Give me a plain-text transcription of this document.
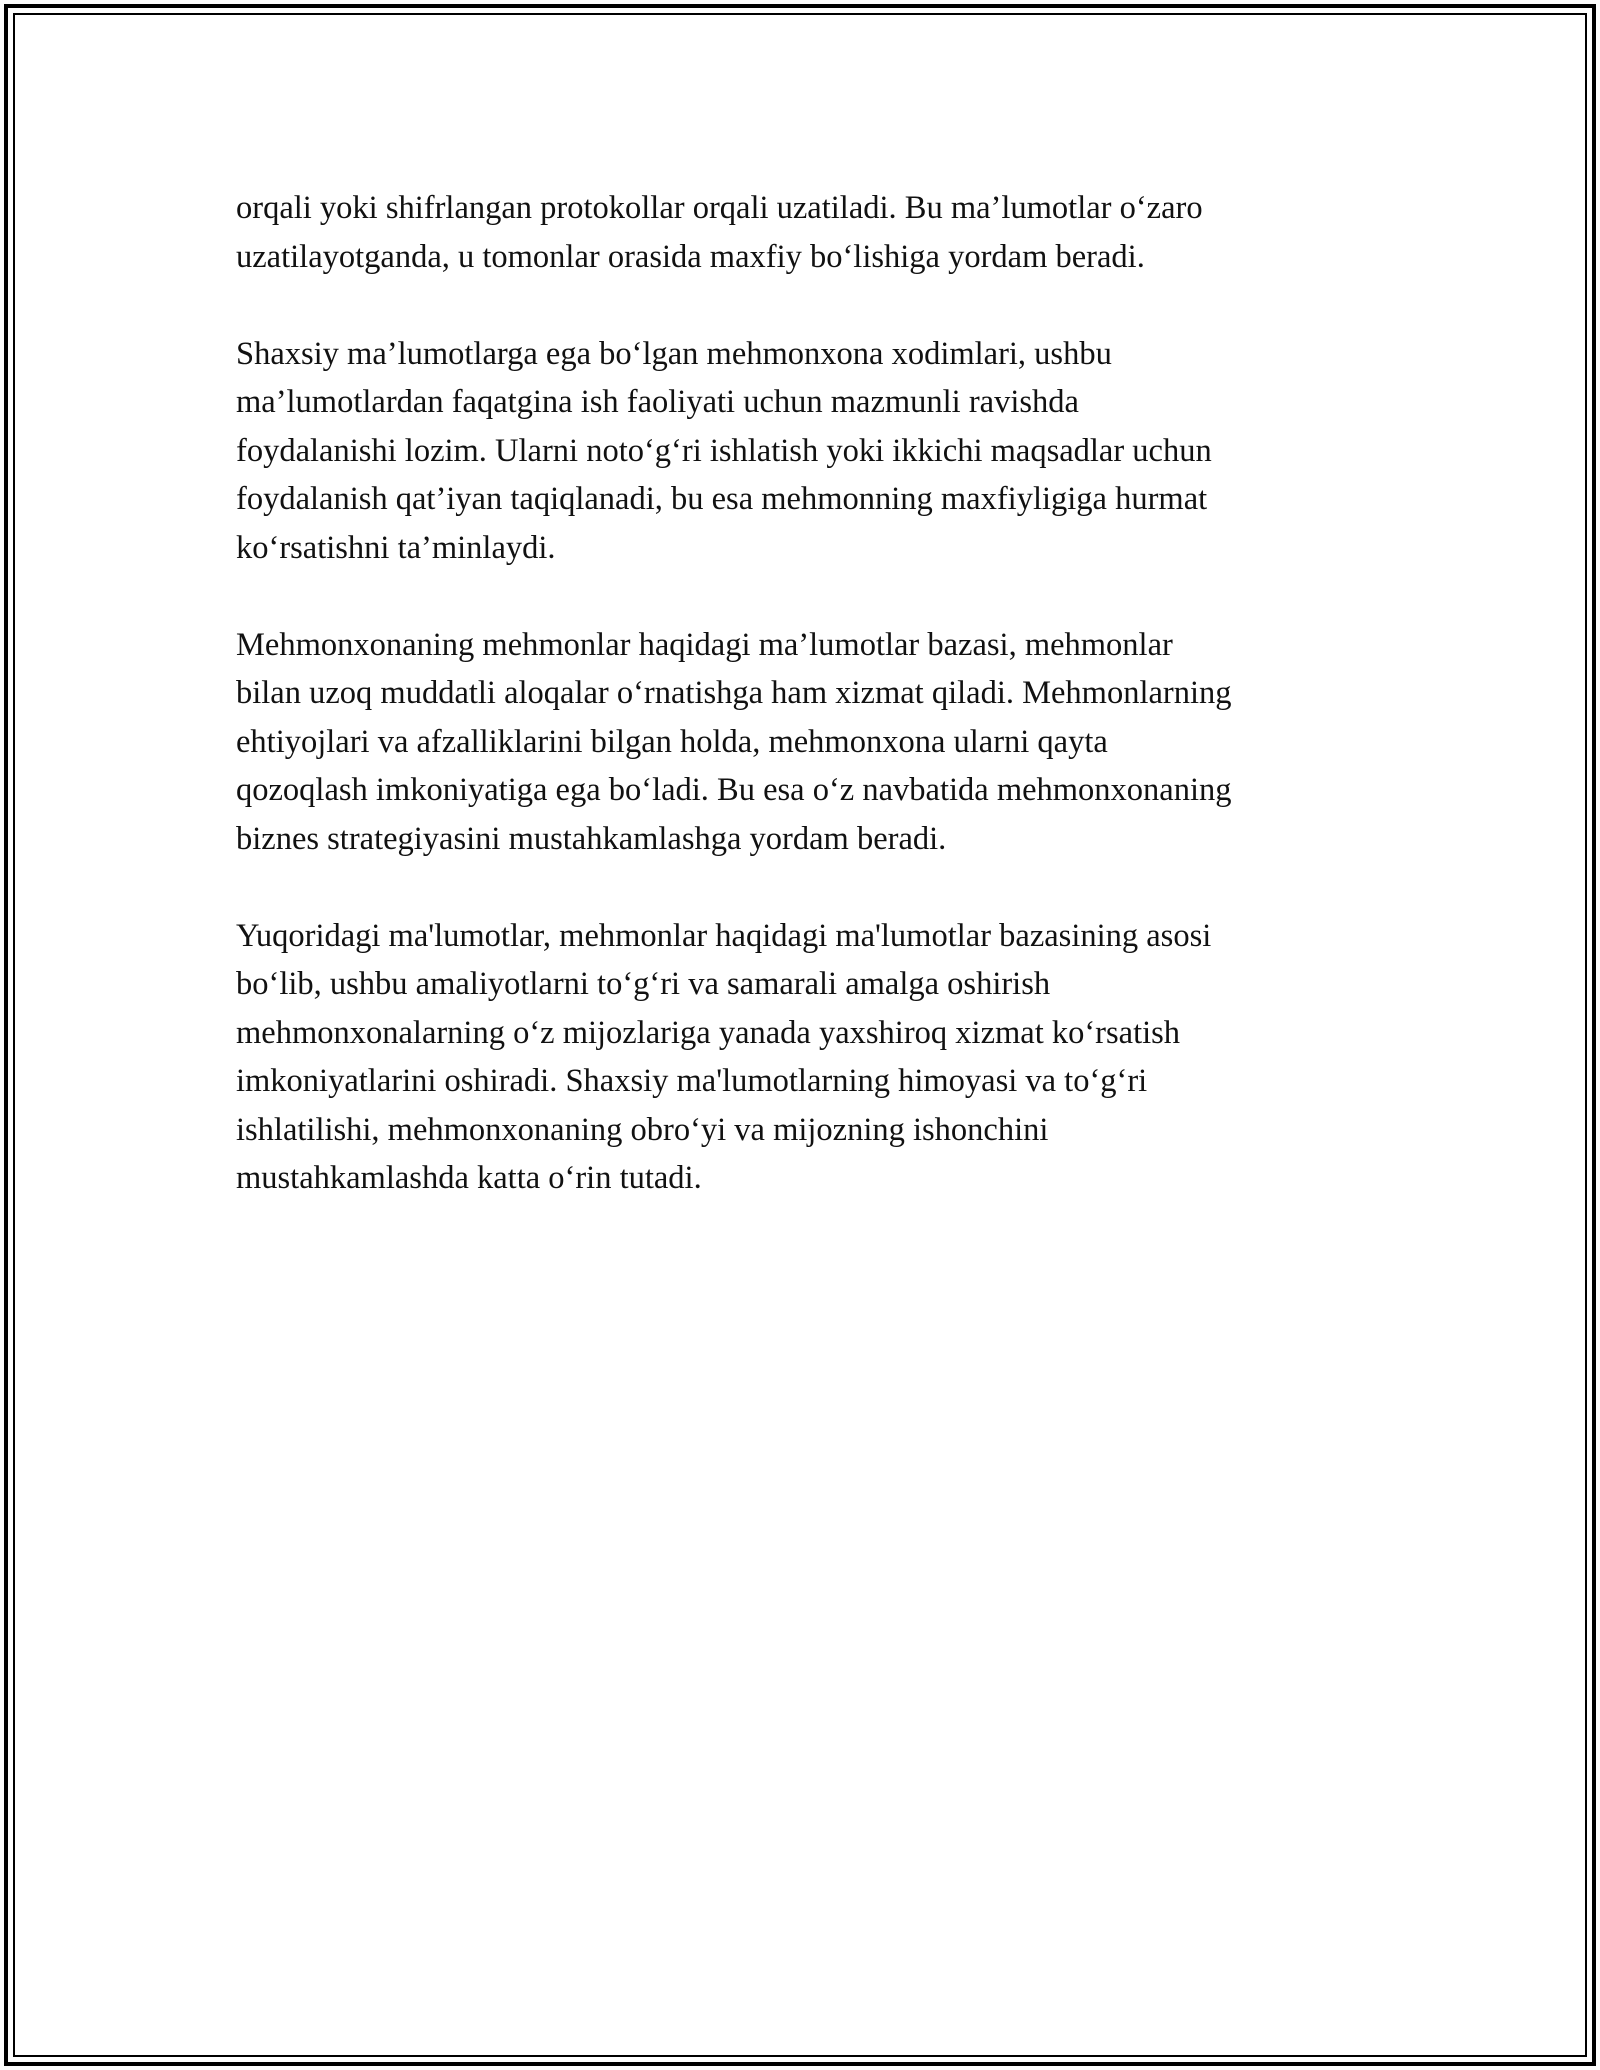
orqali yoki shifrlangan protokollar orqali uzatiladi. Bu ma’lumotlar o‘zaro
uzatilayotganda, u tomonlar orasida maxfiy bo‘lishiga yordam beradi.

Shaxsiy ma’lumotlarga ega bo‘lgan mehmonxona xodimlari, ushbu
ma’lumotlardan faqatgina ish faoliyati uchun mazmunli ravishda
foydalanishi lozim. Ularni noto‘g‘ri ishlatish yoki ikkichi maqsadlar uchun
foydalanish qat’iyan taqiqlanadi, bu esa mehmonning maxfiyligiga hurmat
ko‘rsatishni ta’minlaydi.

Mehmonxonaning mehmonlar haqidagi ma’lumotlar bazasi, mehmonlar
bilan uzoq muddatli aloqalar o‘rnatishga ham xizmat qiladi. Mehmonlarning
ehtiyojlari va afzalliklarini bilgan holda, mehmonxona ularni qayta
qozoqlash imkoniyatiga ega bo‘ladi. Bu esa o‘z navbatida mehmonxonaning
biznes strategiyasini mustahkamlashga yordam beradi.

Yuqoridagi ma'lumotlar, mehmonlar haqidagi ma'lumotlar bazasining asosi
bo‘lib, ushbu amaliyotlarni to‘g‘ri va samarali amalga oshirish
mehmonxonalarning o‘z mijozlariga yanada yaxshiroq xizmat ko‘rsatish
imkoniyatlarini oshiradi. Shaxsiy ma'lumotlarning himoyasi va to‘g‘ri
ishlatilishi, mehmonxonaning obro‘yi va mijozning ishonchini
mustahkamlashda katta o‘rin tutadi.
